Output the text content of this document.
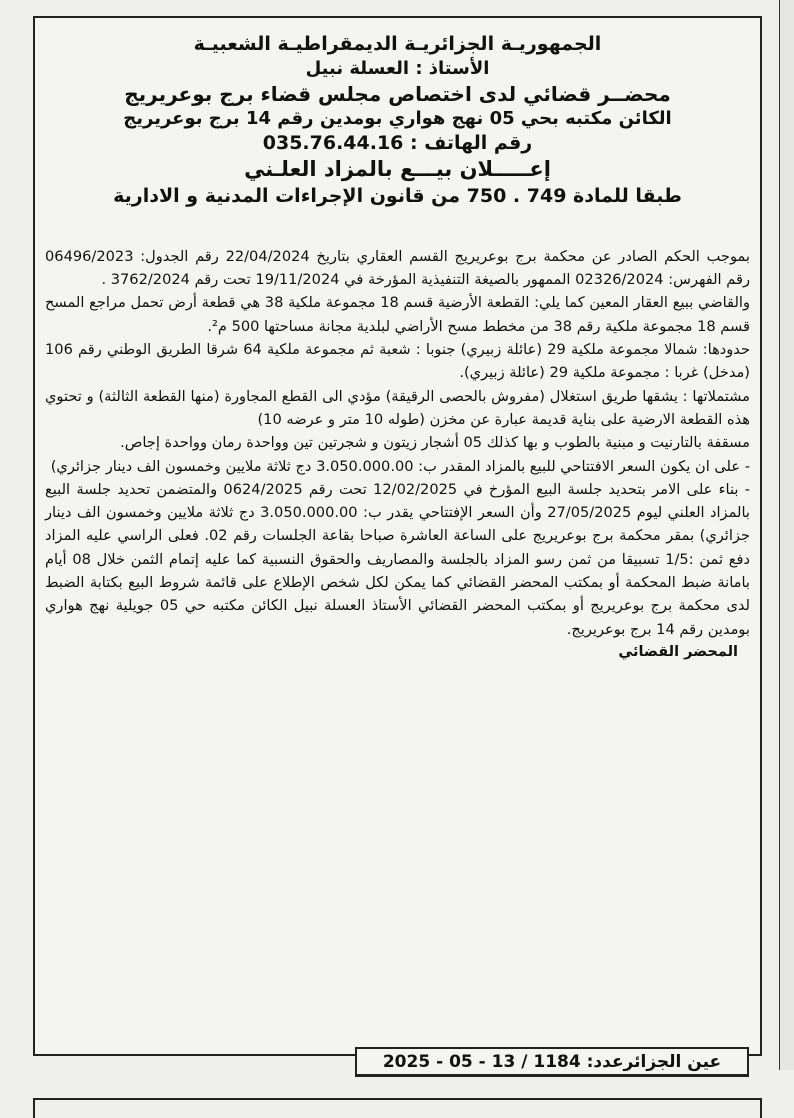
الجمهوريـة الجزائريـة الديمقراطيـة الشعبيـة
الأستاذ : العسلة نبيل
محضــر قضائي لدى اختصاص مجلس قضاء برج بوعريريج
الكائن مكتبه بحي 05 نهج هواري بومدين رقم 14 برج بوعريريج
رقم الهاتف : 035.76.44.16
إعـــــلان بيـــع بالمزاد العلـني
طبقا للمادة 749 . 750 من قانون الإجراءات المدنية و الادارية

بموجب الحكم الصادر عن محكمة برج بوعريريج القسم العقاري بتاريخ 22/04/2024 رقم الجدول: 06496/2023 رقم الفهرس: 02326/2024 الممهور بالصيغة التنفيذية المؤرخة في 19/11/2024 تحت رقم 3762/2024 .

والقاضي ببيع العقار المعين كما يلي: القطعة الأرضية قسم 18 مجموعة ملكية 38 هي قطعة أرض تحمل مراجع المسح قسم 18 مجموعة ملكية رقم 38 من مخطط مسح الأراضي لبلدية مجانة مساحتها 500 م².

حدودها: شمالا مجموعة ملكية 29 (عائلة زبيري) جنوبا : شعبة ثم مجموعة ملكية 64 شرقا الطريق الوطني رقم 106 (مدخل) غربا : مجموعة ملكية 29 (عائلة زبيري).

مشتملاتها : يشقها طريق استغلال (مفروش بالحصى الرقيقة) مؤدي الى القطع المجاورة (منها القطعة الثالثة) و تحتوي هذه القطعة الارضية على بناية قديمة عبارة عن مخزن (طوله 10 متر و عرضه 10)

مسقفة بالتارنيت و مبنية بالطوب و بها كذلك 05 أشجار زيتون و شجرتين تين وواحدة رمان وواحدة إجاص.

- على ان يكون السعر الافتتاحي للبيع بالمزاد المقدر ب: 3.050.000.00 دج ثلاثة ملايين وخمسون الف دينار جزائري)

- بناء على الامر بتحديد جلسة البيع المؤرخ في 12/02/2025 تحت رقم 0624/2025 والمتضمن تحديد جلسة البيع بالمزاد العلني ليوم 27/05/2025 وأن السعر الإفتتاحي يقدر ب: 3.050.000.00 دج ثلاثة ملايين وخمسون الف دينار جزائري) بمقر محكمة برج بوعريريج على الساعة العاشرة صباحا بقاعة الجلسات رقم 02. فعلى الراسي عليه المزاد دفع ثمن :1/5 تسبيقا من ثمن رسو المزاد بالجلسة والمصاريف والحقوق النسبية كما عليه إتمام الثمن خلال 08 أيام بامانة ضبط المحكمة أو بمكتب المحضر القضائي كما يمكن لكل شخص الإطلاع على قائمة شروط البيع بكتابة الضبط لدى محكمة برج بوعريريج أو بمكتب المحضر القضائي الأستاذ العسلة نبيل الكائن مكتبه حي 05 جويلية نهج هواري بومدين رقم 14 برج بوعريريج.

المحضر القضائي
عين الجزائرعدد: 1184 / 13 - 05 - 2025
